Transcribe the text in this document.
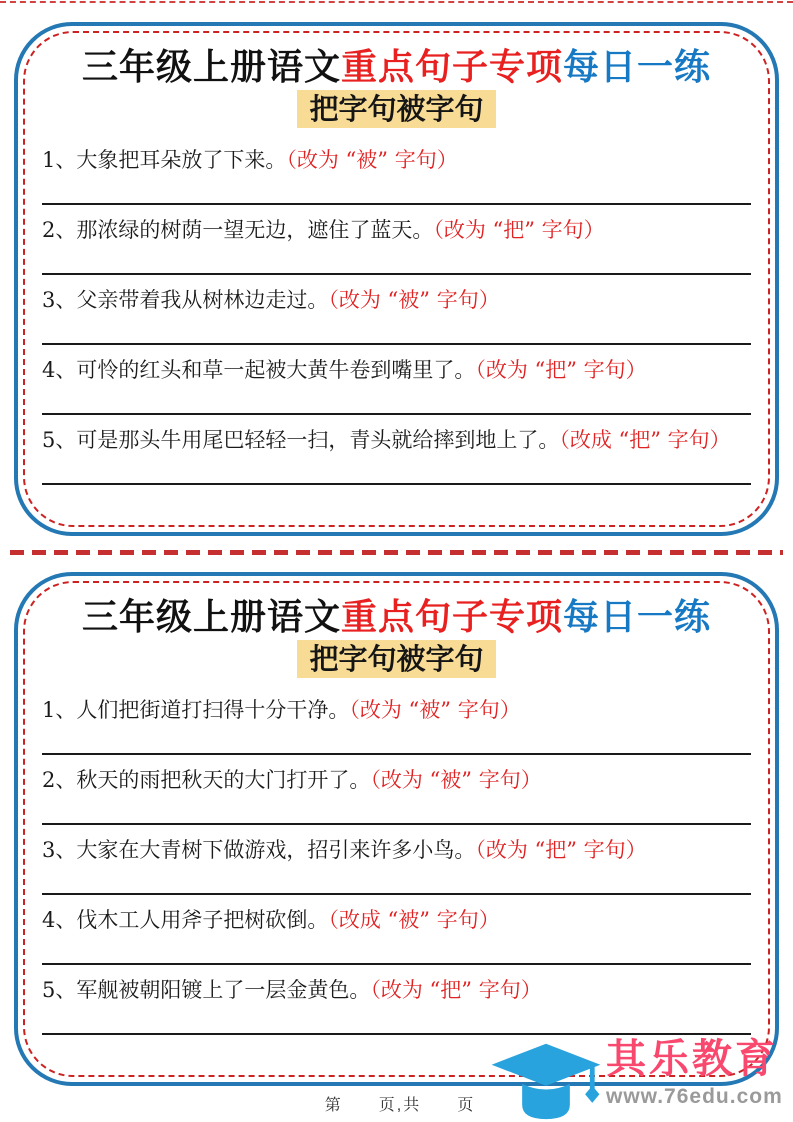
三年级上册语文重点句子专项每日一练
把字句被字句
1、大象把耳朵放了下来。（改为 “被” 字句）
2、那浓绿的树荫一望无边，遮住了蓝天。（改为 “把” 字句）
3、父亲带着我从树林边走过。（改为 “被” 字句）
4、可怜的红头和草一起被大黄牛卷到嘴里了。（改为 “把” 字句）
5、可是那头牛用尾巴轻轻一扫，青头就给摔到地上了。（改成 “把” 字句）
三年级上册语文重点句子专项每日一练
把字句被字句
1、人们把街道打扫得十分干净。（改为 “被” 字句）
2、秋天的雨把秋天的大门打开了。（改为 “被” 字句）
3、大家在大青树下做游戏，招引来许多小鸟。（改为 “把” 字句）
4、伐木工人用斧子把树砍倒。（改成 “被” 字句）
5、军舰被朝阳镀上了一层金黄色。（改为 “把” 字句）
第　　页,共　　页
其乐教育
www.76edu.com
